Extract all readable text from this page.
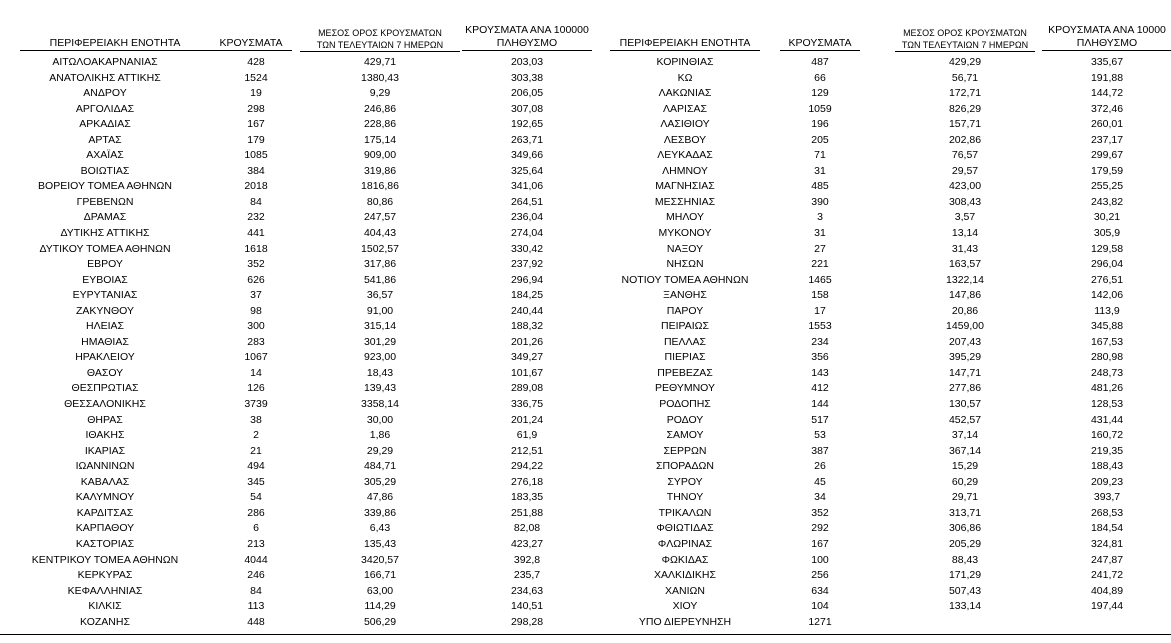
ΠΕΡΙΦΕΡΕΙΑΚΗ ΕΝΟΤΗΤΑ
	ΚΡΟΥΣΜΑΤΑ
ΜΕΣΟΣ ΟΡΟΣ ΚΡΟΥΣΜΑΤΩΝ
ΤΩΝ ΤΕΛΕΥΤΑΙΩΝ 7 ΗΜΕΡΩΝ
ΚΡΟΥΣΜΑΤΑ ΑΝΑ 100000
ΠΛΗΘΥΣΜΟ
ΑΙΤΩΛΟΑΚΑΡΝΑΝΙΑΣ	428	429,71	203,03
ΑΝΑΤΟΛΙΚΗΣ ΑΤΤΙΚΗΣ	1524	1380,43	303,38
ΑΝΔΡΟΥ	19	9,29	206,05
ΑΡΓΟΛΙΔΑΣ	298	246,86	307,08
ΑΡΚΑΔΙΑΣ	167	228,86	192,65
ΑΡΤΑΣ	179	175,14	263,71
ΑΧΑΪΑΣ	1085	909,00	349,66
ΒΟΙΩΤΙΑΣ	384	319,86	325,64
ΒΟΡΕΙΟΥ ΤΟΜΕΑ ΑΘΗΝΩΝ	2018	1816,86	341,06
ΓΡΕΒΕΝΩΝ	84	80,86	264,51
ΔΡΑΜΑΣ	232	247,57	236,04
ΔΥΤΙΚΗΣ ΑΤΤΙΚΗΣ	441	404,43	274,04
ΔΥΤΙΚΟΥ ΤΟΜΕΑ ΑΘΗΝΩΝ	1618	1502,57	330,42
ΕΒΡΟΥ	352	317,86	237,92
ΕΥΒΟΙΑΣ	626	541,86	296,94
ΕΥΡΥΤΑΝΙΑΣ	37	36,57	184,25
ΖΑΚΥΝΘΟΥ	98	91,00	240,44
ΗΛΕΙΑΣ	300	315,14	188,32
ΗΜΑΘΙΑΣ	283	301,29	201,26
ΗΡΑΚΛΕΙΟΥ	1067	923,00	349,27
ΘΑΣΟΥ	14	18,43	101,67
ΘΕΣΠΡΩΤΙΑΣ	126	139,43	289,08
ΘΕΣΣΑΛΟΝΙΚΗΣ	3739	3358,14	336,75
ΘΗΡΑΣ	38	30,00	201,24
ΙΘΑΚΗΣ	2	1,86	61,9
ΙΚΑΡΙΑΣ	21	29,29	212,51
ΙΩΑΝΝΙΝΩΝ	494	484,71	294,22
ΚΑΒΑΛΑΣ	345	305,29	276,18
ΚΑΛΥΜΝΟΥ	54	47,86	183,35
ΚΑΡΔΙΤΣΑΣ	286	339,86	251,88
ΚΑΡΠΑΘΟΥ	6	6,43	82,08
ΚΑΣΤΟΡΙΑΣ	213	135,43	423,27
ΚΕΝΤΡΙΚΟΥ ΤΟΜΕΑ ΑΘΗΝΩΝ	4044	3420,57	392,8
ΚΕΡΚΥΡΑΣ	246	166,71	235,7
ΚΕΦΑΛΛΗΝΙΑΣ	84	63,00	234,63
ΚΙΛΚΙΣ	113	114,29	140,51
ΚΟΖΑΝΗΣ	448	506,29	298,28

ΠΕΡΙΦΕΡΕΙΑΚΗ ΕΝΟΤΗΤΑ
	ΚΡΟΥΣΜΑΤΑ
ΜΕΣΟΣ ΟΡΟΣ ΚΡΟΥΣΜΑΤΩΝ
ΤΩΝ ΤΕΛΕΥΤΑΙΩΝ 7 ΗΜΕΡΩΝ
ΚΡΟΥΣΜΑΤΑ ΑΝΑ 10000
ΠΛΗΘΥΣΜΟ
ΚΟΡΙΝΘΙΑΣ	487	429,29	335,67
ΚΩ	66	56,71	191,88
ΛΑΚΩΝΙΑΣ	129	172,71	144,72
ΛΑΡΙΣΑΣ	1059	826,29	372,46
ΛΑΣΙΘΙΟΥ	196	157,71	260,01
ΛΕΣΒΟΥ	205	202,86	237,17
ΛΕΥΚΑΔΑΣ	71	76,57	299,67
ΛΗΜΝΟΥ	31	29,57	179,59
ΜΑΓΝΗΣΙΑΣ	485	423,00	255,25
ΜΕΣΣΗΝΙΑΣ	390	308,43	243,82
ΜΗΛΟΥ	3	3,57	30,21
ΜΥΚΟΝΟΥ	31	13,14	305,9
ΝΑΞΟΥ	27	31,43	129,58
ΝΗΣΩΝ	221	163,57	296,04
ΝΟΤΙΟΥ ΤΟΜΕΑ ΑΘΗΝΩΝ	1465	1322,14	276,51
ΞΑΝΘΗΣ	158	147,86	142,06
ΠΑΡΟΥ	17	20,86	113,9
ΠΕΙΡΑΙΩΣ	1553	1459,00	345,88
ΠΕΛΛΑΣ	234	207,43	167,53
ΠΙΕΡΙΑΣ	356	395,29	280,98
ΠΡΕΒΕΖΑΣ	143	147,71	248,73
ΡΕΘΥΜΝΟΥ	412	277,86	481,26
ΡΟΔΟΠΗΣ	144	130,57	128,53
ΡΟΔΟΥ	517	452,57	431,44
ΣΑΜΟΥ	53	37,14	160,72
ΣΕΡΡΩΝ	387	367,14	219,35
ΣΠΟΡΑΔΩΝ	26	15,29	188,43
ΣΥΡΟΥ	45	60,29	209,23
ΤΗΝΟΥ	34	29,71	393,7
ΤΡΙΚΑΛΩΝ	352	313,71	268,53
ΦΘΙΩΤΙΔΑΣ	292	306,86	184,54
ΦΛΩΡΙΝΑΣ	167	205,29	324,81
ΦΩΚΙΔΑΣ	100	88,43	247,87
ΧΑΛΚΙΔΙΚΗΣ	256	171,29	241,72
ΧΑΝΙΩΝ	634	507,43	404,89
ΧΙΟΥ	104	133,14	197,44
ΥΠΟ ΔΙΕΡΕΥΝΗΣΗ	1271
